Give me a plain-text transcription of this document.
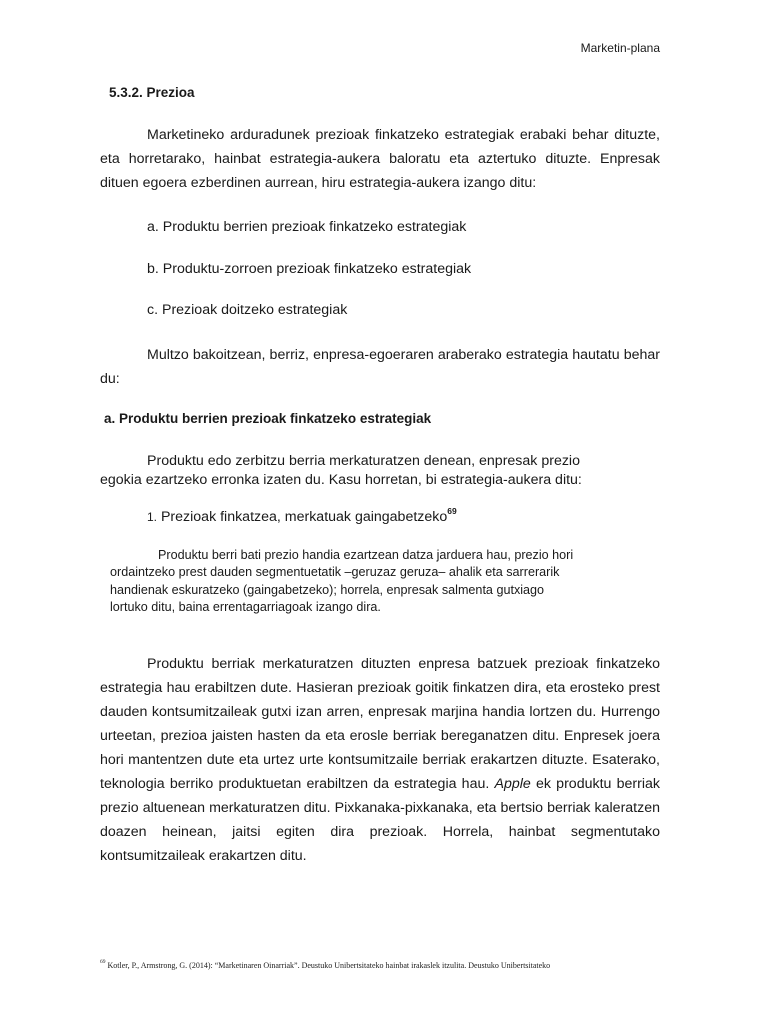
Marketin-plana
5.3.2. Prezioa
Marketineko arduradunek prezioak finkatzeko estrategiak erabaki behar dituzte, eta horretarako, hainbat estrategia-aukera baloratu eta aztertuko dituzte. Enpresak dituen egoera ezberdinen aurrean, hiru estrategia-aukera izango ditu:
a. Produktu berrien prezioak finkatzeko estrategiak
b. Produktu-zorroen prezioak finkatzeko estrategiak
c. Prezioak doitzeko estrategiak
Multzo bakoitzean, berriz, enpresa-egoeraren araberako estrategia hautatu behar du:
a. Produktu berrien prezioak finkatzeko estrategiak
Produktu edo zerbitzu berria merkaturatzen denean, enpresak prezio
egokia ezartzeko erronka izaten du. Kasu horretan, bi estrategia-aukera ditu:
1. Prezioak finkatzea, merkatuak gaingabetzeko$^{69}$
Produktu berri bati prezio handia ezartzean datza jarduera hau, prezio hori
ordaintzeko prest dauden segmentuetatik –geruzaz geruza– ahalik eta sarrerarik
handienak eskuratzeko (gaingabetzeko); horrela, enpresak salmenta gutxiago
lortuko ditu, baina errentagarriagoak izango dira.
Produktu berriak merkaturatzen dituzten enpresa batzuek prezioak finkatzeko estrategia hau erabiltzen dute. Hasieran prezioak goitik finkatzen dira, eta erosteko prest dauden kontsumitzaileak gutxi izan arren, enpresak marjina handia lortzen du. Hurrengo urteetan, prezioa jaisten hasten da eta erosle berriak bereganatzen ditu. Enpresek joera hori mantentzen dute eta urtez urte kontsumitzaile berriak erakartzen dituzte. Esaterako, teknologia berriko produktuetan erabiltzen da estrategia hau. Apple ek produktu berriak prezio altuenean merkaturatzen ditu. Pixkanaka-pixkanaka, eta bertsio berriak kaleratzen doazen heinean, jaitsi egiten dira prezioak. Horrela, hainbat segmentutako kontsumitzaileak erakartzen ditu.
$^{69}$ Kotler, P., Armstrong, G. (2014): “Marketinaren Oinarriak”. Deustuko Unibertsitateko hainbat irakaslek itzulita. Deustuko Unibertsitateko
